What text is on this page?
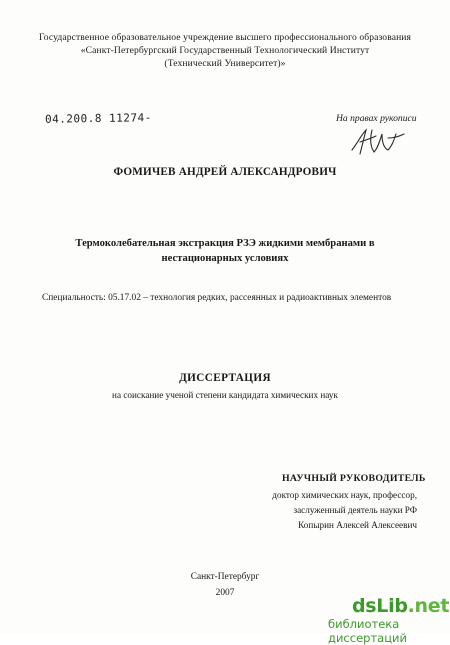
Государственное образовательное учреждение высшего профессионального образования
«Санкт-Петербургский Государственный Технологический Институт
(Технический Университет)»
04.200.8 11274-	На правах рукописи
ФОМИЧЕВ АНДРЕЙ АЛЕКСАНДРОВИЧ
Термоколебательная экстракция РЗЭ жидкими мембранами в
нестационарных условиях
Специальность: 05.17.02 – технология редких, рассеянных и радиоактивных элементов
ДИССЕРТАЦИЯ
на соискание ученой степени кандидата химических наук
НАУЧНЫЙ РУКОВОДИТЕЛЬ
доктор химических наук, профессор,
заслуженный деятель науки РФ
Копырин Алексей Алексеевич
Санкт-Петербург
2007
dsLib.net
библиотека диссертаций
